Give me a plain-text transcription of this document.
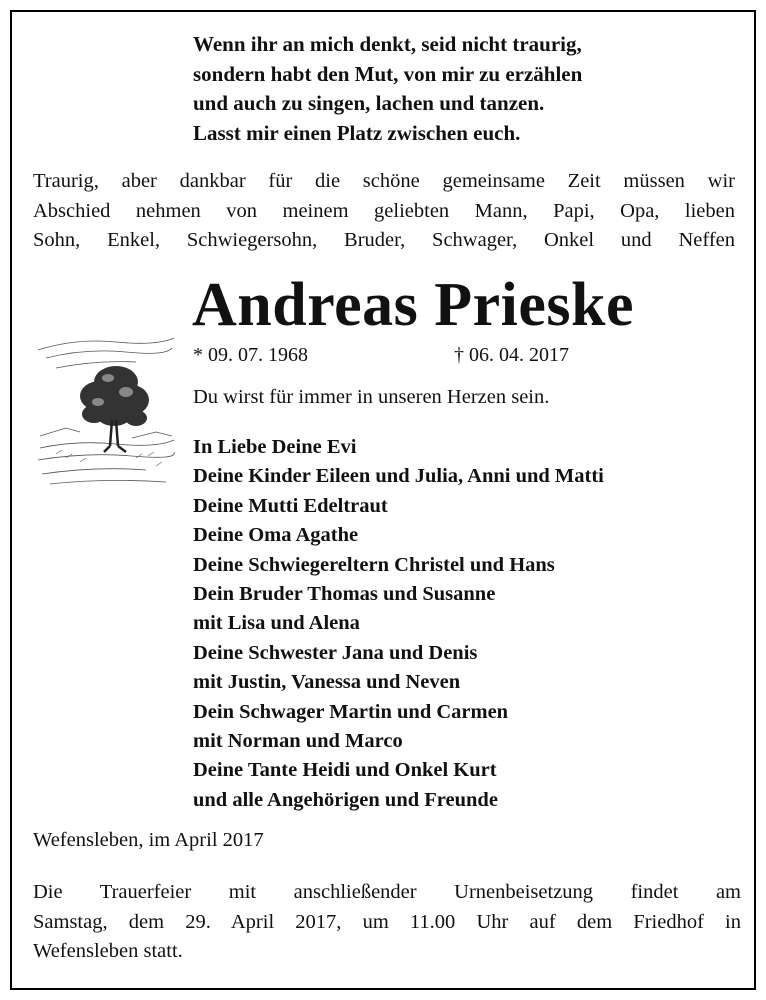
Wenn ihr an mich denkt, seid nicht traurig,
sondern habt den Mut, von mir zu erzählen
und auch zu singen, lachen und tanzen.
Lasst mir einen Platz zwischen euch.
Traurig, aber dankbar für die schöne gemeinsame Zeit müssen wir
Abschied nehmen von meinem geliebten Mann, Papi, Opa, lieben
Sohn, Enkel, Schwiegersohn, Bruder, Schwager, Onkel und Neffen
Andreas Prieske
* 09. 07. 1968	† 06. 04. 2017
Du wirst für immer in unseren Herzen sein.
In Liebe Deine Evi
Deine Kinder Eileen und Julia, Anni und Matti
Deine Mutti Edeltraut
Deine Oma Agathe
Deine Schwiegereltern Christel und Hans
Dein Bruder Thomas und Susanne
mit Lisa und Alena
Deine Schwester Jana und Denis
mit Justin, Vanessa und Neven
Dein Schwager Martin und Carmen
mit Norman und Marco
Deine Tante Heidi und Onkel Kurt
und alle Angehörigen und Freunde
Wefensleben, im April 2017
Die Trauerfeier mit anschließender Urnenbeisetzung findet am
Samstag, dem 29. April 2017, um 11.00 Uhr auf dem Friedhof in
Wefensleben statt.
